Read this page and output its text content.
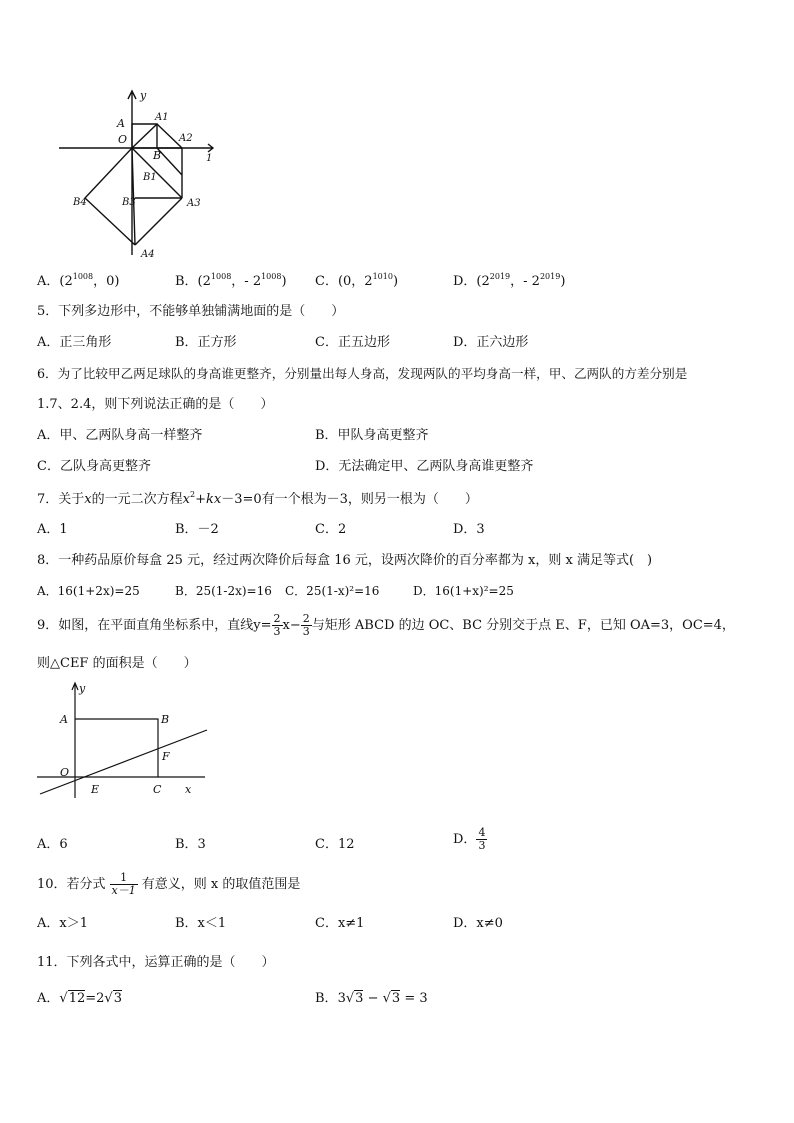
y
A	A1
O	A2
B	1
B1
B4	B3	A3
A4
A．($2^{1008}$，0)	B．($2^{1008}$，- $2^{1008}$) C．(0，$2^{1010}$)	D．($2^{2019}$，- $2^{2019}$)
5．下列多边形中，不能够单独铺满地面的是（　　）
A．正三角形	B．正方形	C．正五边形	D．正六边形
6．为了比较甲乙两足球队的身高谁更整齐，分别量出每人身高，发现两队的平均身高一样，甲、乙两队的方差分别是
1.7、2.4，则下列说法正确的是（　　）
A．甲、乙两队身高一样整齐	B．甲队身高更整齐
C．乙队身高更整齐	D．无法确定甲、乙两队身高谁更整齐
7．关于x的一元二次方程$x^2+kx-3=0$有一个根为－3，则另一根为（　　）
A．1	B．－2	C．2	D．3
8．一种药品原价每盒 25 元，经过两次降价后每盒 16 元，设两次降价的百分率都为 x，则 x 满足等式(　)
A．16(1+2x)=25	B．25(1-2x)=16 C．25(1-x)²=16	D．16(1+x)²=25
9．如图，在平面直角坐标系中，直线$y= \frac{2}{3} x- \frac{2}{3}$ 与矩形 ABCD 的边 OC、BC 分别交于点 E、F，已知 OA=3，OC=4，
则△CEF 的面积是（　　）
y
A	B
F
O
E	C x
A．6	B．3	C．12	D． $\frac{4}{3}$
10．若分式 $\frac{1}{x-1}$ 有意义，则 x 的取值范围是
A．x＞1	B．x＜1	C．x≠1	D．x≠0
11．下列各式中，运算正确的是（　　）
A．√12=2√3	B．3√3 − √3 = 3
